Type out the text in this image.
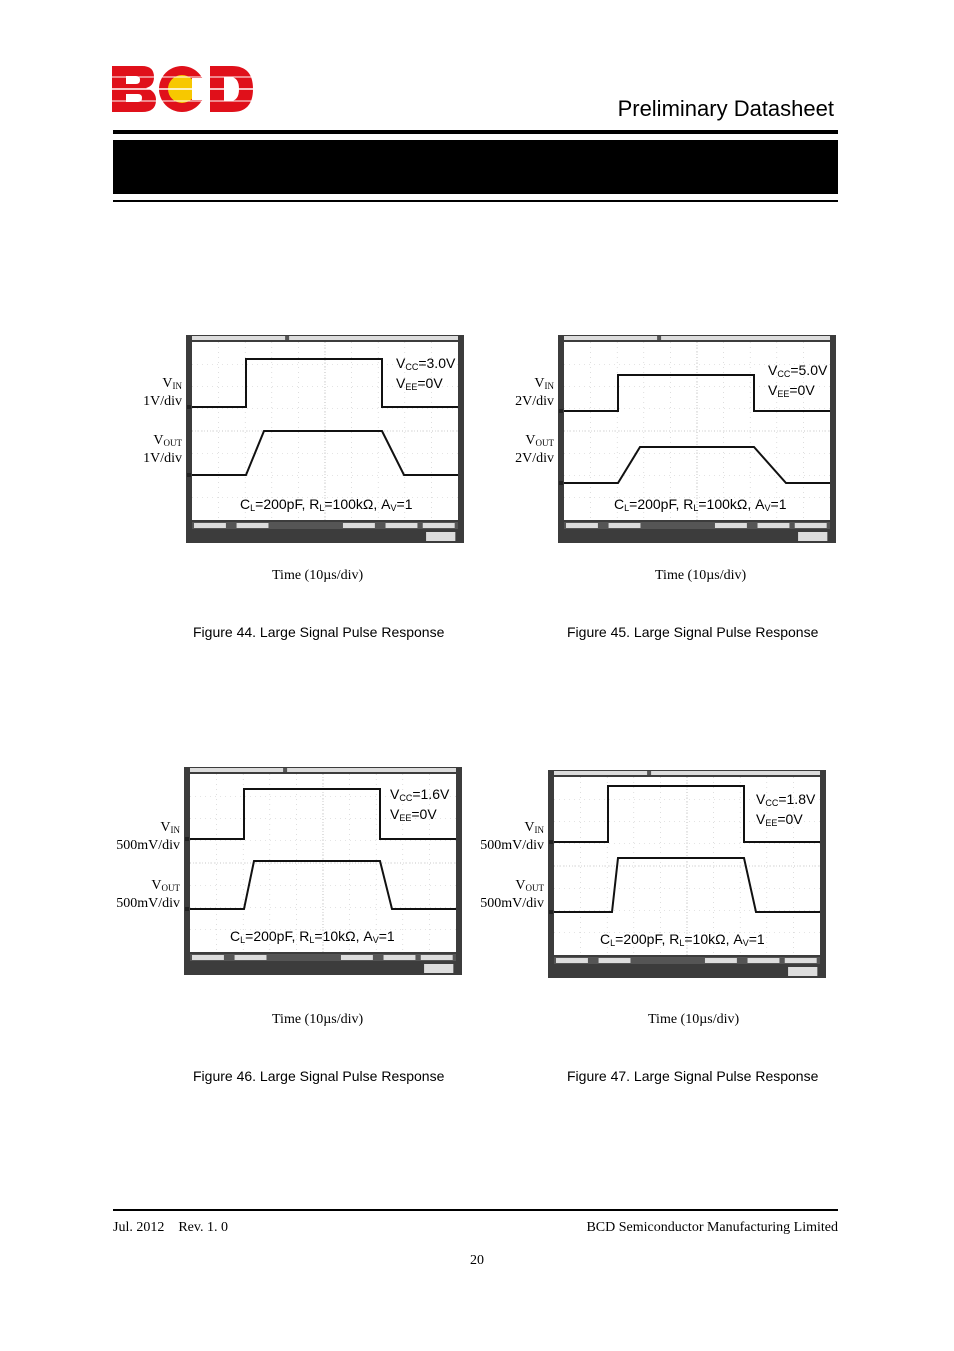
Preliminary Datasheet
$V_{IN}$
1V/div
$V_{OUT}$
1V/div
$V_{CC}=3.0V$
$V_{EE}=0V$
$C_L=200pF$, $R_L=100k\Omega$, $A_V=1$
Time (10µs/div)
Figure 44. Large Signal Pulse Response
$V_{IN}$
2V/div
$V_{OUT}$
2V/div
$V_{CC}=5.0V$
$V_{EE}=0V$
$C_L=200pF$, $R_L=100k\Omega$, $A_V=1$
Time (10µs/div)
Figure 45. Large Signal Pulse Response
$V_{IN}$
500mV/div
$V_{OUT}$
500mV/div
$V_{CC}=1.6V$
$V_{EE}=0V$
$C_L=200pF$, $R_L=10k\Omega$, $A_V=1$
Time (10µs/div)
Figure 46. Large Signal Pulse Response
$V_{IN}$
500mV/div
$V_{OUT}$
500mV/div
$V_{CC}=1.8V$
$V_{EE}=0V$
$C_L=200pF$, $R_L=10k\Omega$, $A_V=1$
Time (10µs/div)
Figure 47. Large Signal Pulse Response
Jul. 2012    Rev. 1. 0	BCD Semiconductor Manufacturing Limited
20
